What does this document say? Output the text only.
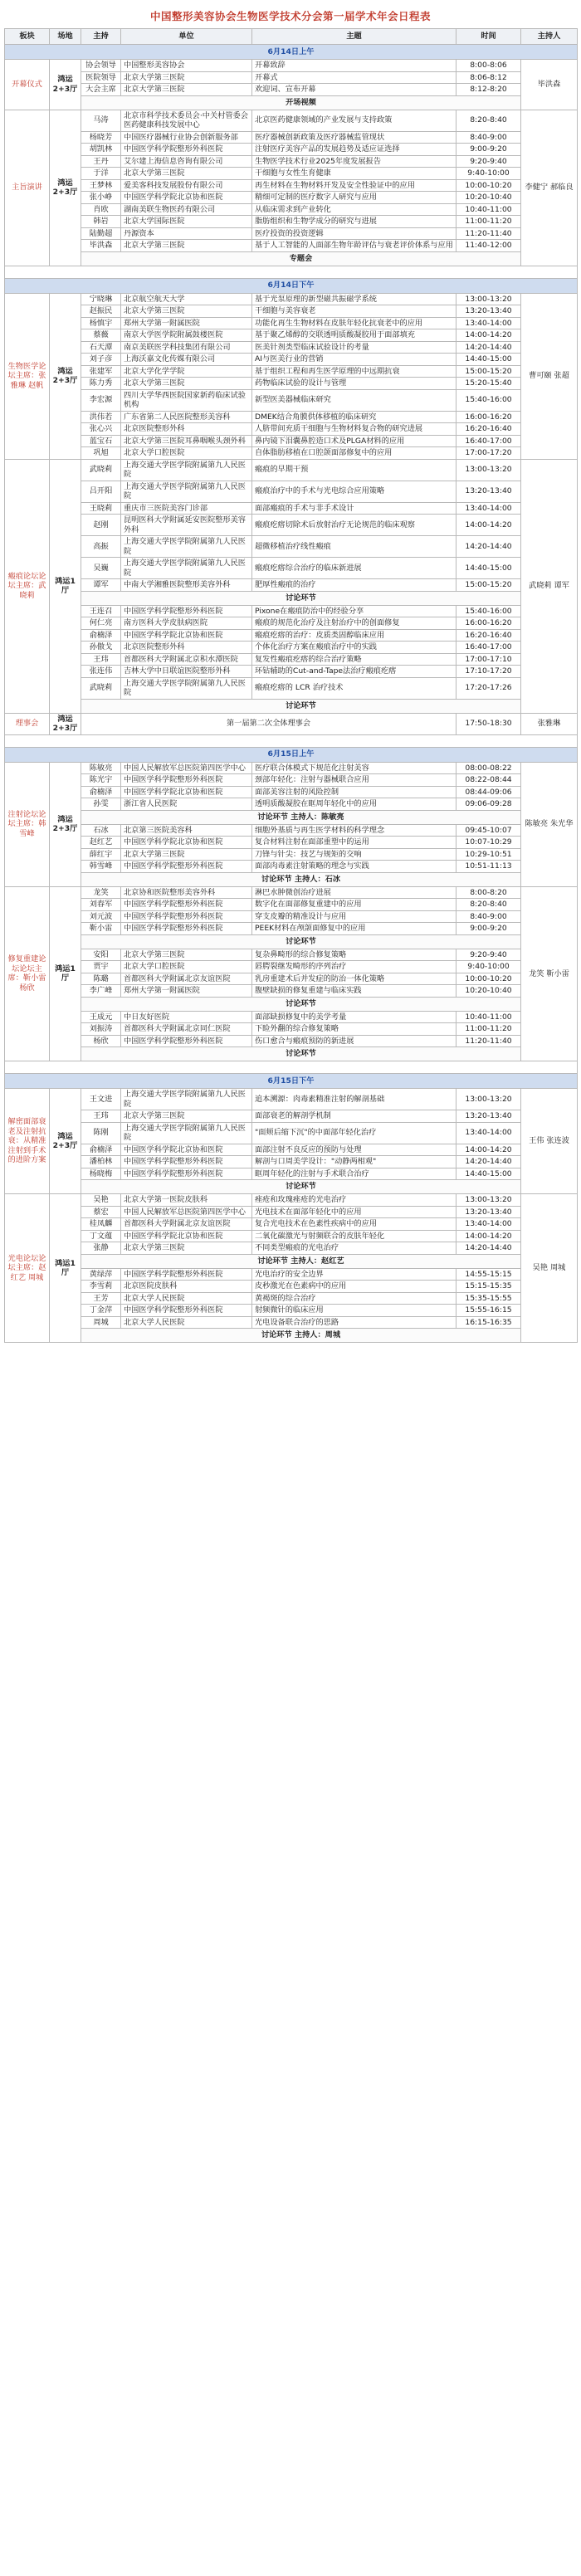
中国整形美容协会生物医学技术分会第一届学术年会日程表
板块	场地	主持	单位	主题	时间	主持人
6月14日上午						
开幕仪式	鸿运2+3厅	协会领导	中国整形美容协会	开幕致辞	8:00-8:06	毕洪森
		医院领导	北京大学第三医院	开幕式	8:06-8:12	
		大会主席	北京大学第三医院	欢迎词、宣布开幕	8:12-8:20	
		开场视频				
主旨演讲	鸿运2+3厅	马涛	北京市科学技术委员会·中关村管委会医药健康科技发展中心	北京医药健康领域的产业发展与支持政策	8:20-8:40	李健宁 郝临良
		杨晓芳	中国医疗器械行业协会创新服务部	医疗器械创新政策及医疗器械监管现状	8:40-9:00	
		胡凯林	中国医学科学院整形外科医院	注射医疗美容产品的发展趋势及适应证选择	9:00-9:20	
		王丹	艾尔建上海信息咨询有限公司	生物医学技术行业2025年度发展报告	9:20-9:40	
		于洋	北京大学第三医院	干细胞与女性生育健康	9:40-10:00	
		王梦林	爱美客科技发展股份有限公司	再生材料在生物材料开发及安全性验证中的应用	10:00-10:20	
		张小峥	中国医学科学院北京协和医院	精细可定制的医疗数字人研究与应用	10:20-10:40	
		肖欧	湖南美联生物医药有限公司	从临床需求到产业转化	10:40-11:00	
		韩岩	北京大学国际医院	脂肪组织和生物学成分的研究与进展	11:00-11:20	
		陆勤超	丹源资本	医疗投资的投资逻辑	11:20-11:40	
		毕洪森	北京大学第三医院	基于人工智能的人面部生物年龄评估与衰老评价体系与应用	11:40-12:00	
		专题会				

6月14日下午						
生物医学论坛主席：张雅琳 赵帆	鸿运2+3厅	宁晓琳	北京航空航天大学	基于光泵原理的新型磁共振磁学系统	13:00-13:20	曹可颐 张超
		赵振民	北京大学第三医院	干细胞与美容衰老	13:20-13:40	
		杨慎宇	郑州大学第一附属医院	功能化再生生物材料在皮肤年轻化抗衰老中的应用	13:40-14:00	
		蔡薇	南京大学医学院附属鼓楼医院	基于聚乙烯醇的交联透明质酸凝胶用于面部填充	14:00-14:20	
		石天潭	南京美联医学科技集团有限公司	医美针剂类型临床试验设计的考量	14:20-14:40	
		刘子彦	上海沃嘉文化传媒有限公司	AI与医美行业的营销	14:40-15:00	
		张建军	北京大学化学学院	基于组织工程和再生医学原理的中远期抗衰	15:00-15:20	
		陈力秀	北京大学第三医院	药物临床试验的设计与管理	15:20-15:40	
		李宏源	四川大学华西医院国家新药临床试验机构	新型医美器械临床研究	15:40-16:00	
		洪伟若	广东省第二人民医院整形美容科	DMEK结合角膜供体移植的临床研究	16:00-16:20	
		张心兴	北京医院整形外科	人脐带间充质干细胞与生物材料复合物的研究进展	16:20-16:40	
		蓝宝石	北京大学第三医院耳鼻咽喉头颈外科	鼻内镜下泪囊鼻腔造口术及PLGA材料的应用	16:40-17:00	
		巩旭	北京大学口腔医院	自体脂肪移植在口腔颌面部修复中的应用	17:00-17:20	
瘢痕论坛论坛主席：武晓莉	鸿运1厅	武晓莉	上海交通大学医学院附属第九人民医院	瘢痕的早期干预	13:00-13:20	武晓莉 谭军
		吕开阳	上海交通大学医学院附属第九人民医院	瘢痕治疗中的手术与光电综合应用策略	13:20-13:40	
		王晓莉	重庆市三医院美容门诊部	面部瘢痕的手术与非手术设计	13:40-14:00	
		赵刚	昆明医科大学附属延安医院整形美容外科	瘢痕疙瘩切除术后放射治疗无论规范的临床观察	14:00-14:20	
		高振	上海交通大学医学院附属第九人民医院	超微移植治疗线性瘢痕	14:20-14:40	
		吴巍	上海交通大学医学院附属第九人民医院	瘢痕疙瘩综合治疗的临床新进展	14:40-15:00	
		谭军	中南大学湘雅医院整形美容外科	肥厚性瘢痕的治疗	15:00-15:20	
		讨论环节				
		王连召	中国医学科学院整形外科医院	Pixone在瘢痕防治中的经验分享	15:40-16:00	
		何仁亮	南方医科大学皮肤病医院	瘢痕的规范化治疗及注射治疗中的创面修复	16:00-16:20	
		俞楠泽	中国医学科学院北京协和医院	瘢痕疙瘩的治疗：皮质类固醇临床应用	16:20-16:40	
		孙傲戈	北京医院整形外科	个体化治疗方案在瘢痕治疗中的实践	16:40-17:00	
		王玮	首都医科大学附属北京积水潭医院	复发性瘢痕疙瘩的综合治疗策略	17:00-17:10	
		张连伟	吉林大学中日联谊医院整形外科	环钻辅助的Cut-and-Tape法治疗瘢痕疙瘩	17:10-17:20	
		武晓莉	上海交通大学医学院附属第九人民医院	瘢痕疙瘩的 LCR 治疗技术	17:20-17:26	
		讨论环节				
理事会	鸿运2+3厅	第一届第二次全体理事会			17:50-18:30	张雅琳

6月15日上午						
注射论坛论坛主席：韩雪峰	鸿运2+3厅	陈敏亮	中国人民解放军总医院第四医学中心	医疗联合体模式下规范化注射美容	08:00-08:22	陈敏亮 朱光华
		陈光宇	中国医学科学院整形外科医院	颈部年轻化：注射与器械联合应用	08:22-08:44	
		俞楠泽	中国医学科学院北京协和医院	面部美容注射的风险控制	08:44-09:06	
		孙雯	浙江省人民医院	透明质酸凝胶在眶周年轻化中的应用	09:06-09:28	
		讨论环节 主持人：陈敏亮				
		石冰	北京第三医院美容科	细胞外基质与再生医学材料的科学理念	09:45-10:07	
		赵红艺	中国医学科学院北京协和医院	复合材料注射在面部重塑中的运用	10:07-10:29	
		薛红宇	北京大学第三医院	刀锋与针尖：技艺与规矩的交响	10:29-10:51	
		韩雪峰	中国医学科学院整形外科医院	面部肉毒素注射策略的理念与实践	10:51-11:13	
		讨论环节 主持人：石冰				
修复重建论坛论坛主席：靳小雷 杨欣	鸿运1厅	龙笑	北京协和医院整形美容外科	淋巴水肿微创治疗进展	8:00-8:20	龙笑 靳小雷
		刘春军	中国医学科学院整形外科医院	数字化在面部修复重建中的应用	8:20-8:40	
		刘元波	中国医学科学院整形外科医院	穿支皮瓣的精准设计与应用	8:40-9:00	
		靳小雷	中国医学科学院整形外科医院	PEEK材料在颅颌面修复中的应用	9:00-9:20	
		讨论环节				
		安阳	北京大学第三医院	复杂鼻畸形的综合修复策略	9:20-9:40	
		贾宇	北京大学口腔医院	唇腭裂继发畸形的序列治疗	9:40-10:00	
		陈璐	首都医科大学附属北京友谊医院	乳房重建术后并发症的防治一体化策略	10:00-10:20	
		李广峰	郑州大学第一附属医院	腹壁缺损的修复重建与临床实践	10:20-10:40	
		讨论环节				
		王成元	中日友好医院	面部缺损修复中的美学考量	10:40-11:00	
		刘振涛	首都医科大学附属北京同仁医院	下睑外翻的综合修复策略	11:00-11:20	
		杨欣	中国医学科学院整形外科医院	伤口愈合与瘢痕预防的新进展	11:20-11:40	
		讨论环节				

6月15日下午						
解密面部衰老及注射抗衰：从精准注射到手术的进阶方案	鸿运2+3厅	王文进	上海交通大学医学院附属第九人民医院	追本溯源：肉毒素精准注射的解剖基础	13:00-13:20	王伟 张连波
		王玮	北京大学第三医院	面部衰老的解剖学机制	13:20-13:40	
		陈刚	上海交通大学医学院附属第九人民医院	"面颊后缩下沉"的中面部年轻化治疗	13:40-14:00	
		俞楠泽	中国医学科学院北京协和医院	面部注射不良反应的预防与处理	14:00-14:20	
		潘柏林	中国医学科学院整形外科医院	解剖与口周美学设计："动静两相观"	14:20-14:40	
		杨晓梅	中国医学科学院整形外科医院	眶周年轻化的注射与手术联合治疗	14:40-15:00	
		讨论环节				
光电论坛论坛主席：赵红艺 周城	鸿运1厅	吴艳	北京大学第一医院皮肤科	痤疮和玫瑰痤疮的光电治疗	13:00-13:20	吴艳 周城
		蔡宏	中国人民解放军总医院第四医学中心	光电技术在面部年轻化中的应用	13:20-13:40	
		桂凤麟	首都医科大学附属北京友谊医院	复合光电技术在色素性疾病中的应用	13:40-14:00	
		丁文蕴	中国医学科学院北京协和医院	二氧化碳激光与射频联合的皮肤年轻化	14:00-14:20	
		张静	北京大学第三医院	不同类型瘢痕的光电治疗	14:20-14:40	
		讨论环节 主持人：赵红艺				
		黄绿萍	中国医学科学院整形外科医院	光电治疗的安全边界	14:55-15:15	
		李雪莉	北京医院皮肤科	皮秒激光在色素病中的应用	15:15-15:35	
		王芳	北京大学人民医院	黄褐斑的综合治疗	15:35-15:55	
		丁金萍	中国医学科学院整形外科医院	射频微针的临床应用	15:55-16:15	
		周城	北京大学人民医院	光电设备联合治疗的思路	16:15-16:35	
		讨论环节 主持人：周城				
